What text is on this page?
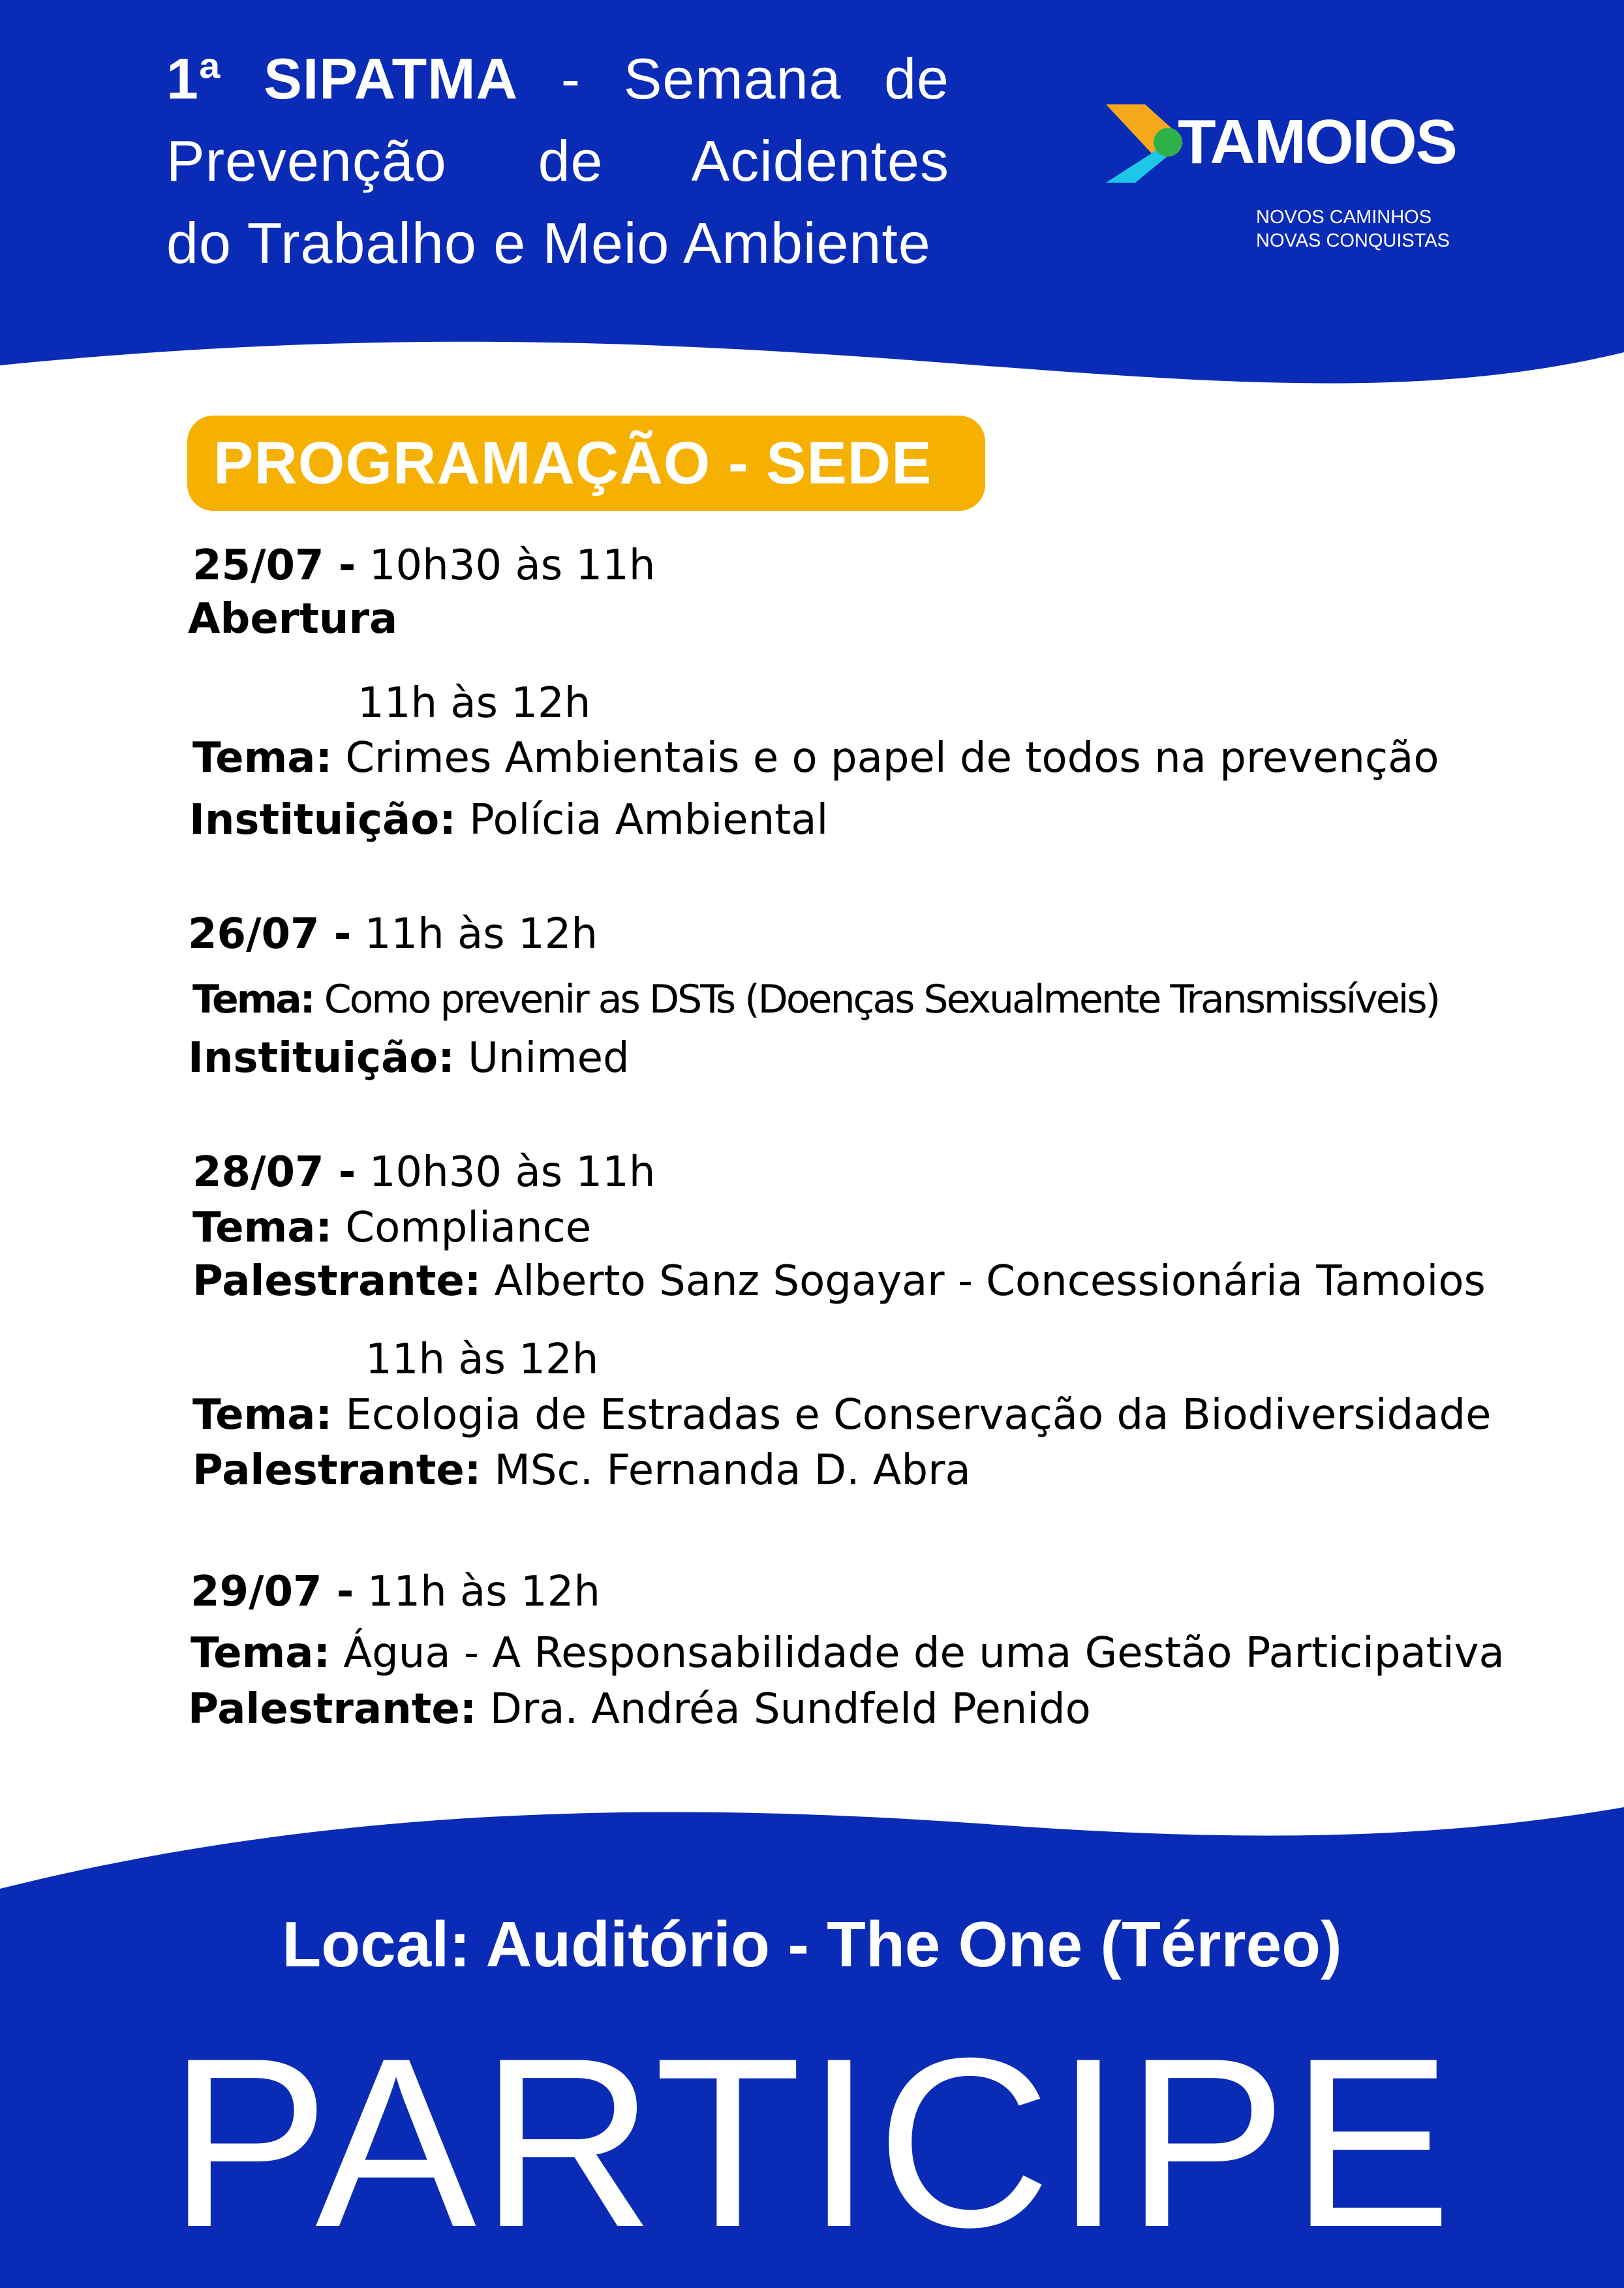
1ª SIPATMA - Semana de
Prevenção de Acidentes
do Trabalho e Meio Ambiente
TAMOIOS
NOVOS CAMINHOS
NOVAS CONQUISTAS
PROGRAMAÇÃO - SEDE
25/07 - 10h30 às 11h
Abertura
11h às 12h
Tema: Crimes Ambientais e o papel de todos na prevenção
Instituição: Polícia Ambiental
26/07 - 11h às 12h
Tema: Como prevenir as DSTs (Doenças Sexualmente Transmissíveis)
Instituição: Unimed
28/07 - 10h30 às 11h
Tema: Compliance
Palestrante: Alberto Sanz Sogayar - Concessionária Tamoios
11h às 12h
Tema: Ecologia de Estradas e Conservação da Biodiversidade
Palestrante: MSc. Fernanda D. Abra
29/07 - 11h às 12h
Tema: Água - A Responsabilidade de uma Gestão Participativa
Palestrante: Dra. Andréa Sundfeld Penido
Local: Auditório - The One (Térreo)
PARTICIPE
